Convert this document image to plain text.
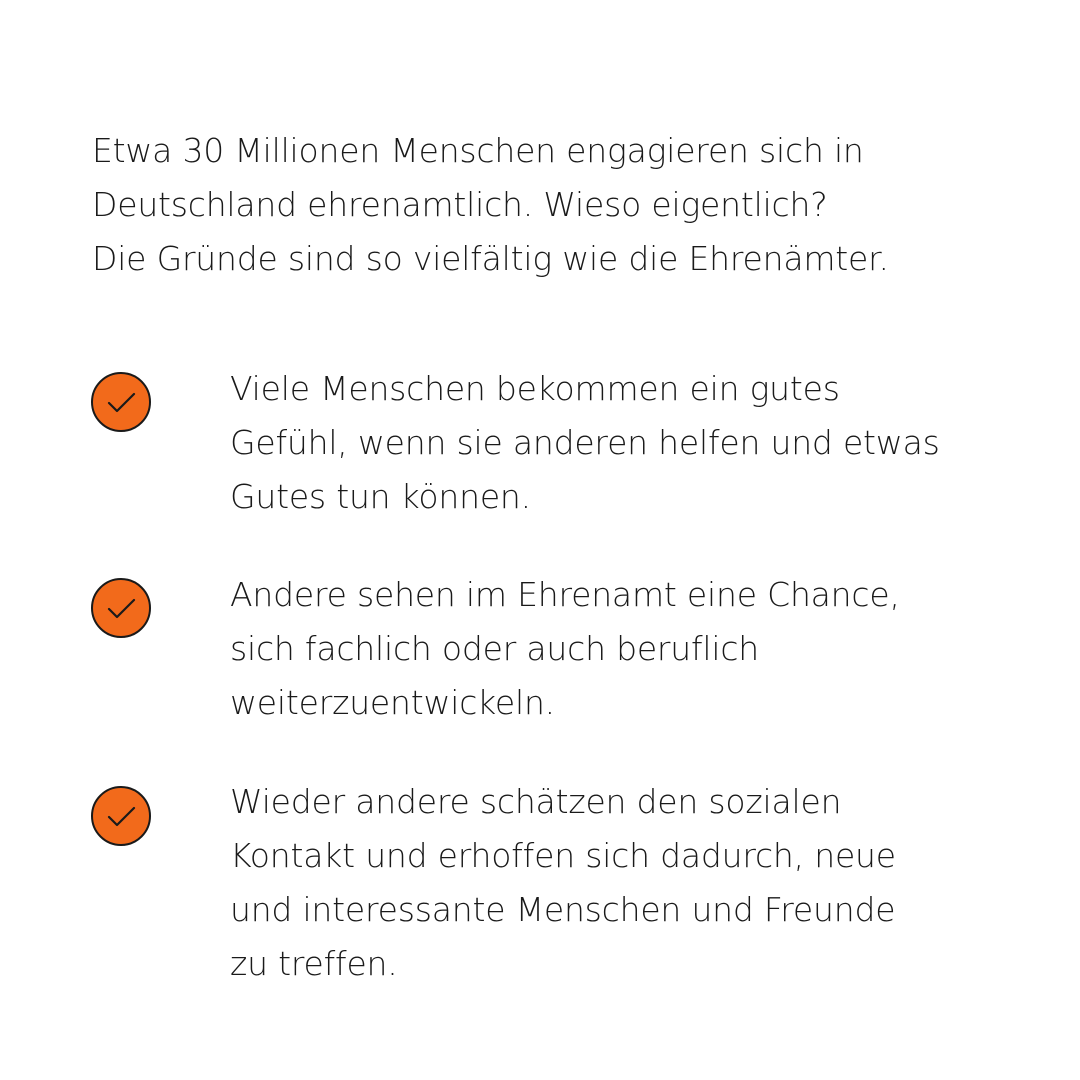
Etwa 30 Millionen Menschen engagieren sich in
Deutschland ehrenamtlich. Wieso eigentlich?
Die Gründe sind so vielfältig wie die Ehrenämter.
Viele Menschen bekommen ein gutes
Gefühl, wenn sie anderen helfen und etwas
Gutes tun können.
Andere sehen im Ehrenamt eine Chance,
sich fachlich oder auch beruflich
weiterzuentwickeln.
Wieder andere schätzen den sozialen
Kontakt und erhoffen sich dadurch, neue
und interessante Menschen und Freunde
zu treffen.
